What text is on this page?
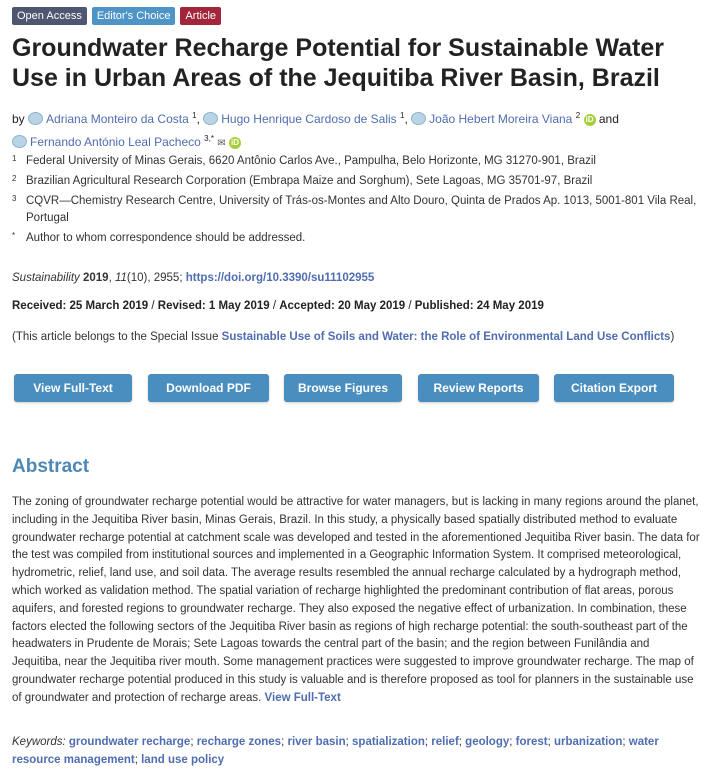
Open Access	Editor's Choice	Article
Groundwater Recharge Potential for Sustainable Water Use in Urban Areas of the Jequitiba River Basin, Brazil
by Adriana Monteiro da Costa $^1$, Hugo Henrique Cardoso de Salis $^1$, João Hebert Moreira Viana $^2$ iD and
Fernando António Leal Pacheco $^{3,*}$ ✉ iD
1 Federal University of Minas Gerais, 6620 Antônio Carlos Ave., Pampulha, Belo Horizonte, MG 31270-901, Brazil
2 Brazilian Agricultural Research Corporation (Embrapa Maize and Sorghum), Sete Lagoas, MG 35701-97, Brazil
3 CQVR—Chemistry Research Centre, University of Trás-os-Montes and Alto Douro, Quinta de Prados Ap. 1013, 5001-801 Vila Real, Portugal
* Author to whom correspondence should be addressed.
Sustainability 2019, 11(10), 2955; https://doi.org/10.3390/su11102955
Received: 25 March 2019 / Revised: 1 May 2019 / Accepted: 20 May 2019 / Published: 24 May 2019
(This article belongs to the Special Issue Sustainable Use of Soils and Water: the Role of Environmental Land Use Conflicts)
View Full-Text	Download PDF	Browse Figures	Review Reports	Citation Export
Abstract
The zoning of groundwater recharge potential would be attractive for water managers, but is lacking in many regions around the planet, including in the Jequitiba River basin, Minas Gerais, Brazil. In this study, a physically based spatially distributed method to evaluate groundwater recharge potential at catchment scale was developed and tested in the aforementioned Jequitiba River basin. The data for the test was compiled from institutional sources and implemented in a Geographic Information System. It comprised meteorological, hydrometric, relief, land use, and soil data. The average results resembled the annual recharge calculated by a hydrograph method, which worked as validation method. The spatial variation of recharge highlighted the predominant contribution of flat areas, porous aquifers, and forested regions to groundwater recharge. They also exposed the negative effect of urbanization. In combination, these factors elected the following sectors of the Jequitiba River basin as regions of high recharge potential: the south-southeast part of the headwaters in Prudente de Morais; Sete Lagoas towards the central part of the basin; and the region between Funilândia and Jequitiba, near the Jequitiba river mouth. Some management practices were suggested to improve groundwater recharge. The map of groundwater recharge potential produced in this study is valuable and is therefore proposed as tool for planners in the sustainable use of groundwater and protection of recharge areas. View Full-Text
Keywords: groundwater recharge; recharge zones; river basin; spatialization; relief; geology; forest; urbanization; water resource management; land use policy
